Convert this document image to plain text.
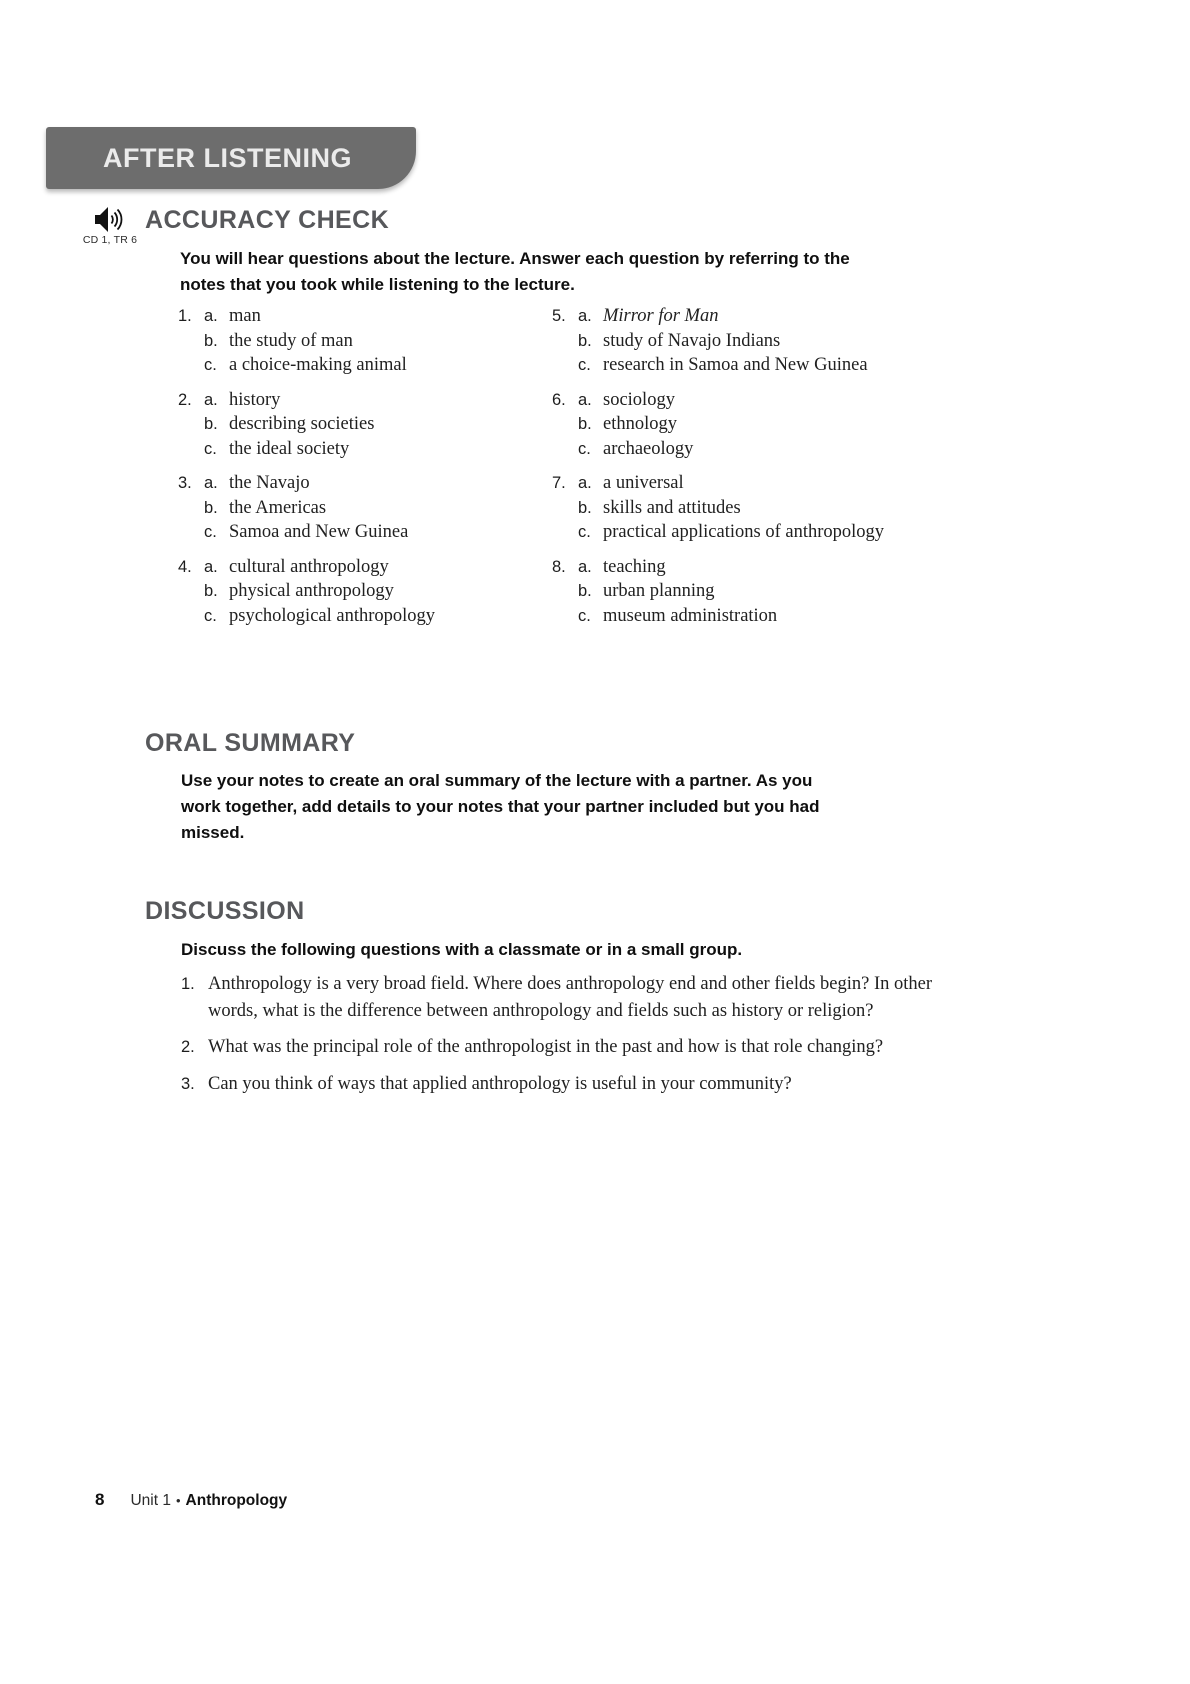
AFTER LISTENING
CD 1, TR 6
ACCURACY CHECK
You will hear questions about the lecture. Answer each question by referring to the notes that you took while listening to the lecture.
1. a. man
b. the study of man
c. a choice-making animal
2. a. history
b. describing societies
c. the ideal society
3. a. the Navajo
b. the Americas
c. Samoa and New Guinea
4. a. cultural anthropology
b. physical anthropology
c. psychological anthropology
5. a. Mirror for Man
b. study of Navajo Indians
c. research in Samoa and New Guinea
6. a. sociology
b. ethnology
c. archaeology
7. a. a universal
b. skills and attitudes
c. practical applications of anthropology
8. a. teaching
b. urban planning
c. museum administration
ORAL SUMMARY
Use your notes to create an oral summary of the lecture with a partner. As you work together, add details to your notes that your partner included but you had missed.
DISCUSSION
Discuss the following questions with a classmate or in a small group.
1. Anthropology is a very broad field. Where does anthropology end and other fields begin? In other words, what is the difference between anthropology and fields such as history or religion?
2. What was the principal role of the anthropologist in the past and how is that role changing?
3. Can you think of ways that applied anthropology is useful in your community?
8 Unit 1 • Anthropology
